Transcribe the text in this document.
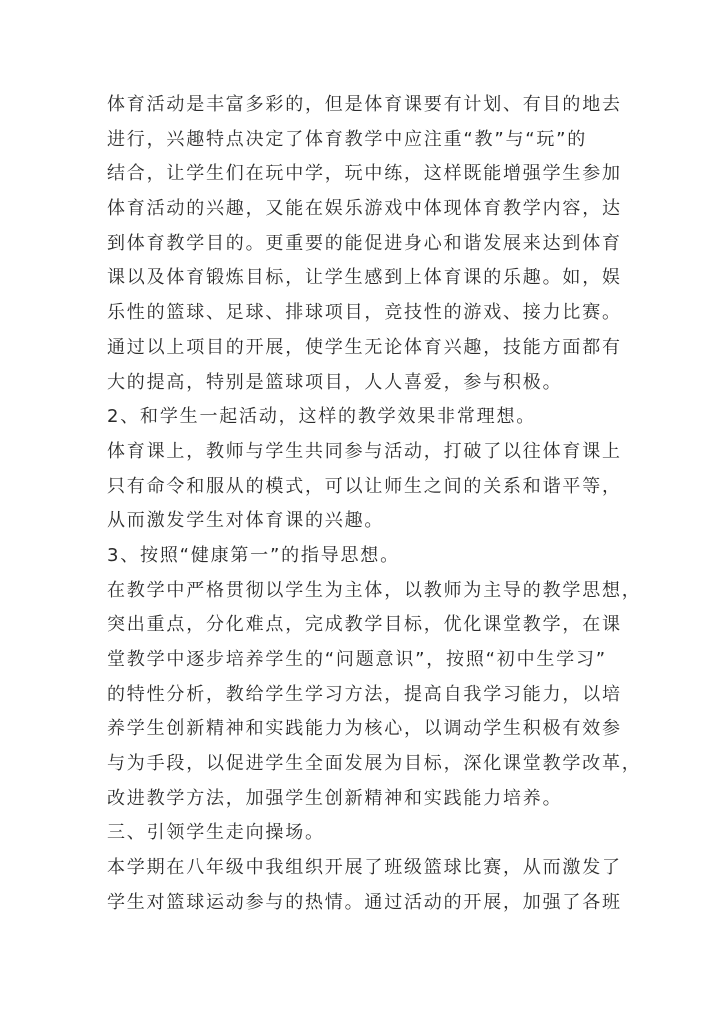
体育活动是丰富多彩的，但是体育课要有计划、有目的地去
进行，兴趣特点决定了体育教学中应注重“教”与“玩”的
结合，让学生们在玩中学，玩中练，这样既能增强学生参加
体育活动的兴趣，又能在娱乐游戏中体现体育教学内容，达
到体育教学目的。更重要的能促进身心和谐发展来达到体育
课以及体育锻炼目标，让学生感到上体育课的乐趣。如，娱
乐性的篮球、足球、排球项目，竞技性的游戏、接力比赛。
通过以上项目的开展，使学生无论体育兴趣，技能方面都有
大的提高，特别是篮球项目，人人喜爱，参与积极。
2、和学生一起活动，这样的教学效果非常理想。
体育课上，教师与学生共同参与活动，打破了以往体育课上
只有命令和服从的模式，可以让师生之间的关系和谐平等，
从而激发学生对体育课的兴趣。
3、按照“健康第一”的指导思想。
在教学中严格贯彻以学生为主体，以教师为主导的教学思想，
突出重点，分化难点，完成教学目标，优化课堂教学，在课
堂教学中逐步培养学生的“问题意识”，按照“初中生学习”
的特性分析，教给学生学习方法，提高自我学习能力，以培
养学生创新精神和实践能力为核心，以调动学生积极有效参
与为手段，以促进学生全面发展为目标，深化课堂教学改革，
改进教学方法，加强学生创新精神和实践能力培养。
三、引领学生走向操场。
本学期在八年级中我组织开展了班级篮球比赛，从而激发了
学生对篮球运动参与的热情。通过活动的开展，加强了各班
